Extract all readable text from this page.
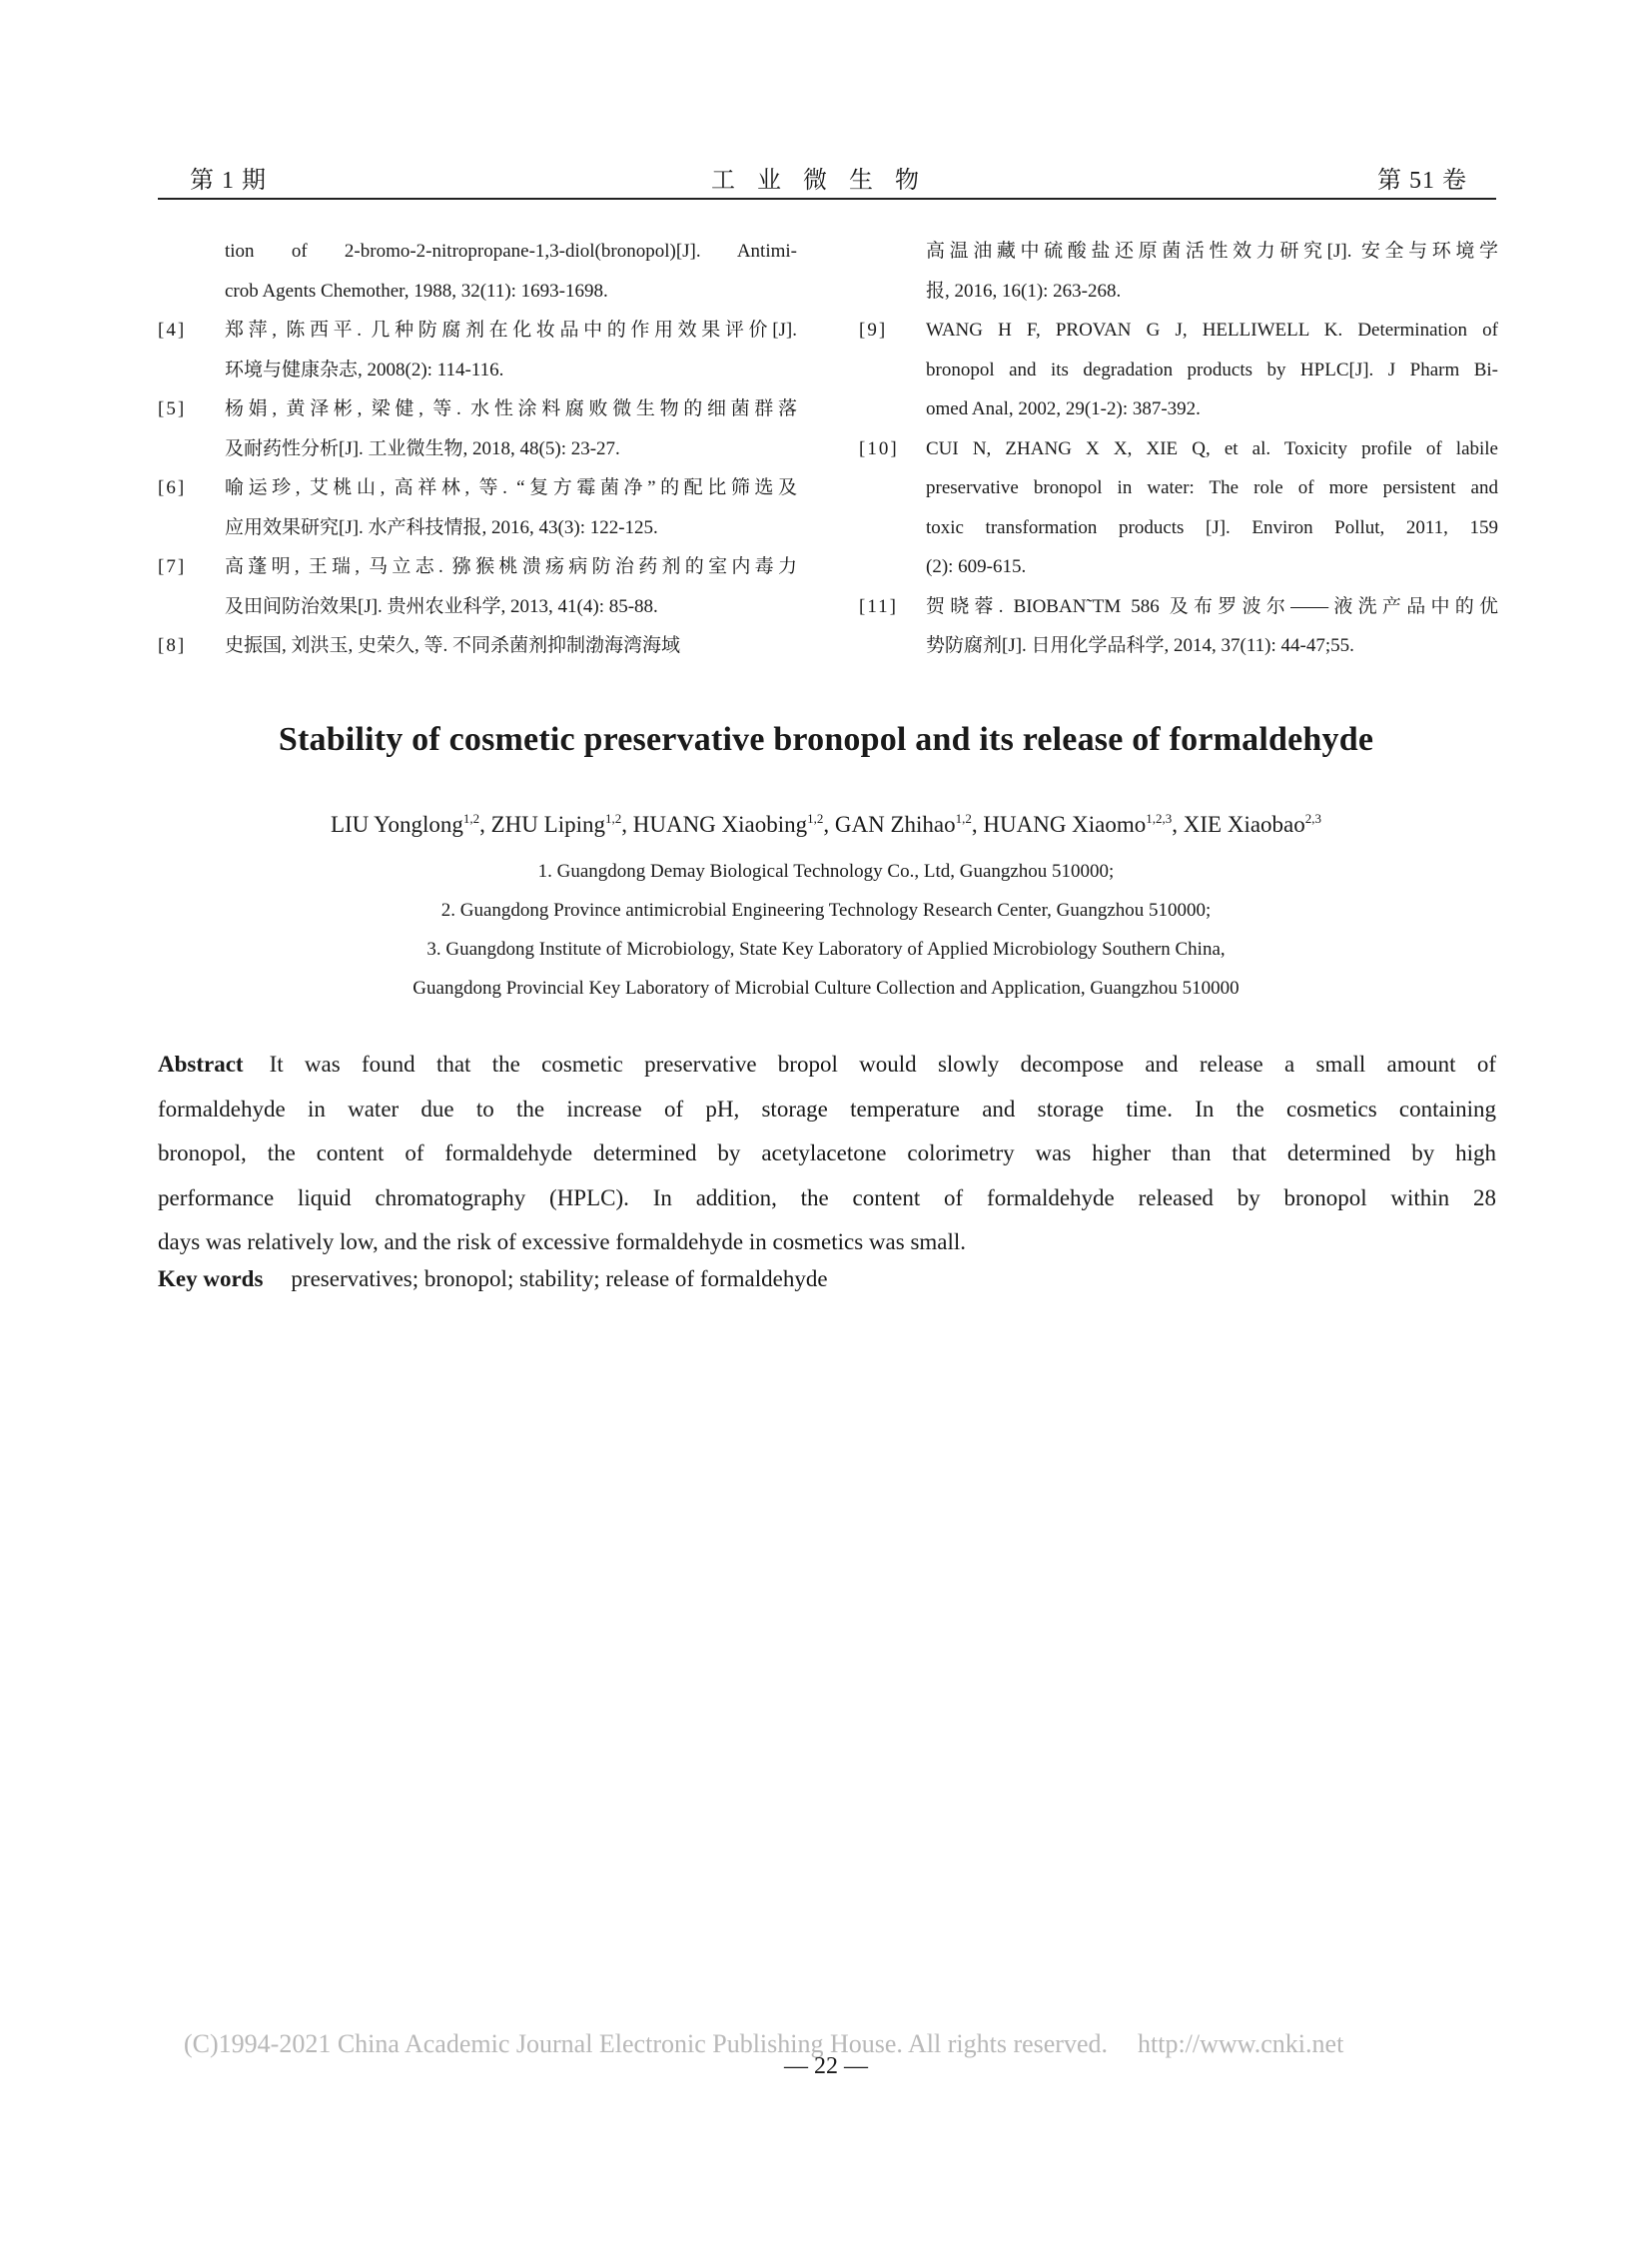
第 1 期	工业微生物	第 51 卷
tion of 2-bromo-2-nitropropane-1,3-diol(bronopol)[J]. Antimi-
crob Agents Chemother, 1988, 32(11): 1693-1698.
[4]	郑萍, 陈西平. 几种防腐剂在化妆品中的作用效果评价[J].
环境与健康杂志, 2008(2): 114-116.
[5]	杨娟, 黄泽彬, 梁健, 等. 水性涂料腐败微生物的细菌群落
及耐药性分析[J]. 工业微生物, 2018, 48(5): 23-27.
[6]	喻运珍, 艾桃山, 高祥林, 等. “复方霉菌净”的配比筛选及
应用效果研究[J]. 水产科技情报, 2016, 43(3): 122-125.
[7]	高蓬明, 王瑞, 马立志. 猕猴桃溃疡病防治药剂的室内毒力
及田间防治效果[J]. 贵州农业科学, 2013, 41(4): 85-88.
[8]	史振国, 刘洪玉, 史荣久, 等. 不同杀菌剂抑制渤海湾海域
高温油藏中硫酸盐还原菌活性效力研究[J]. 安全与环境学
报, 2016, 16(1): 263-268.
[9]	WANG H F, PROVAN G J, HELLIWELL K. Determination of
bronopol and its degradation products by HPLC[J]. J Pharm Bi-
omed Anal, 2002, 29(1-2): 387-392.
[10]	CUI N, ZHANG X X, XIE Q, et al. Toxicity profile of labile
preservative bronopol in water: The role of more persistent and
toxic transformation products [J]. Environ Pollut, 2011, 159
(2): 609-615.
[11]	贺晓蓉. BIOBAN˜TM 586 及布罗波尔——液洗产品中的优
势防腐剂[J]. 日用化学品科学, 2014, 37(11): 44-47;55.
Stability of cosmetic preservative bronopol and its release of formaldehyde
LIU Yonglong$^{1,2}$, ZHU Liping$^{1,2}$, HUANG Xiaobing$^{1,2}$, GAN Zhihao$^{1,2}$, HUANG Xiaomo$^{1,2,3}$, XIE Xiaobao$^{2,3}$
1. Guangdong Demay Biological Technology Co., Ltd, Guangzhou 510000;
2. Guangdong Province antimicrobial Engineering Technology Research Center, Guangzhou 510000;
3. Guangdong Institute of Microbiology, State Key Laboratory of Applied Microbiology Southern China,
Guangdong Provincial Key Laboratory of Microbial Culture Collection and Application, Guangzhou 510000
Abstract It was found that the cosmetic preservative bropol would slowly decompose and release a small amount of
formaldehyde in water due to the increase of pH, storage temperature and storage time. In the cosmetics containing
bronopol, the content of formaldehyde determined by acetylacetone colorimetry was higher than that determined by high
performance liquid chromatography (HPLC). In addition, the content of formaldehyde released by bronopol within 28
days was relatively low, and the risk of excessive formaldehyde in cosmetics was small.
Key words preservatives; bronopol; stability; release of formaldehyde
(C)1994-2021 China Academic Journal Electronic Publishing House. All rights reserved. http://www.cnki.net
— 22 —
